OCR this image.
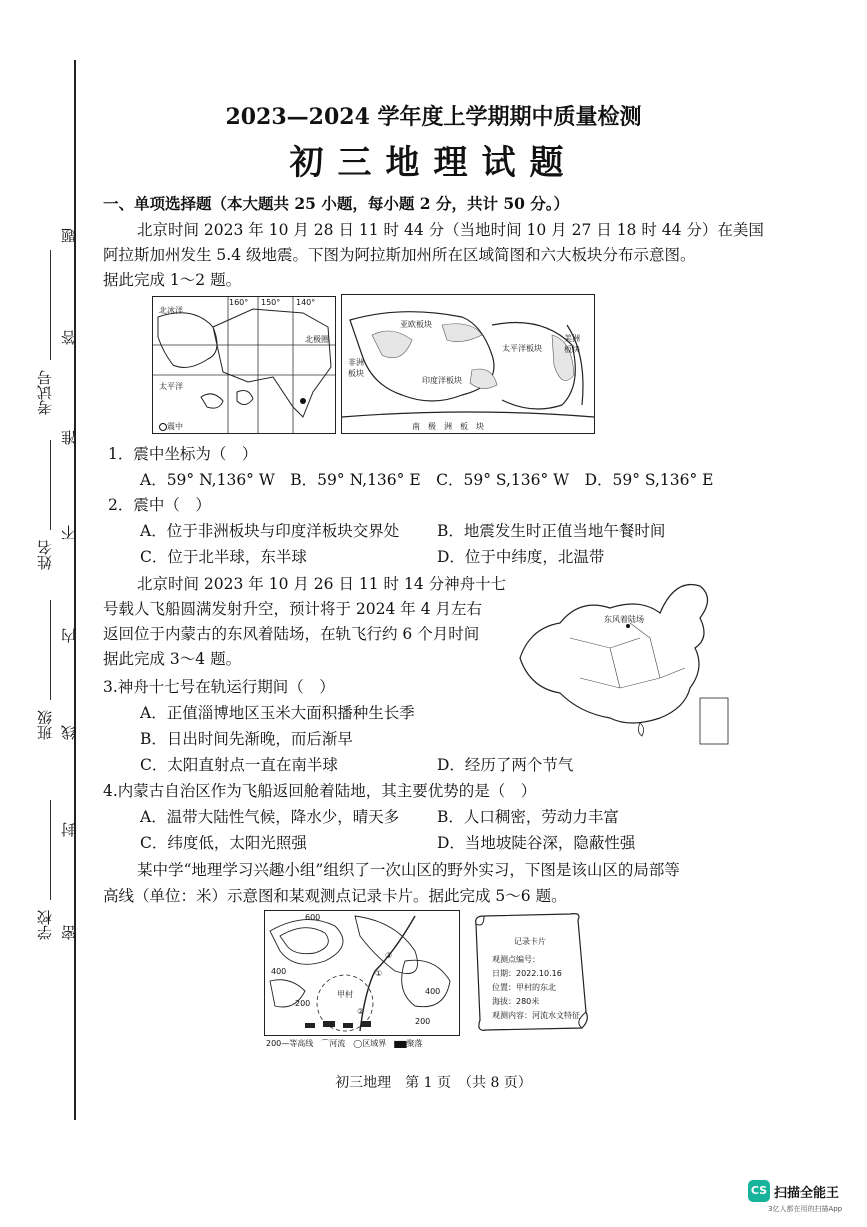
考试号
姓名
班级
学校
题
答
准
不
内
线
封
密
2023—2024 学年度上学期期中质量检测
初三地理试题
一、单项选择题（本大题共 25 小题，每小题 2 分，共计 50 分。）
北京时间 2023 年 10 月 28 日 11 时 44 分（当地时间 10 月 27 日 18 时 44 分）在美国
阿拉斯加州发生 5.4 级地震。下图为阿拉斯加州所在区域简图和六大板块分布示意图。
据此完成 1～2 题。
北冰洋
160° 150° 140°
北极圈
太平洋
震中
亚欧板块
太平洋板块
非洲板块
印度洋板块
美洲板块
南　极　洲　板　块
1．震中坐标为（　）
A．59° N,136° W　B．59° N,136° E　C．59° S,136° W　D．59° S,136° E
2．震中（　）
A．位于非洲板块与印度洋板块交界处 B．地震发生时正值当地午餐时间
C．位于北半球，东半球	D．位于中纬度，北温带
北京时间 2023 年 10 月 26 日 11 时 14 分神舟十七
号载人飞船圆满发射升空，预计将于 2024 年 4 月左右
返回位于内蒙古的东风着陆场，在轨飞行约 6 个月时间
据此完成 3～4 题。
东风着陆场
3.神舟十七号在轨运行期间（　）
A．正值淄博地区玉米大面积播种生长季
B．日出时间先渐晚，而后渐早
C．太阳直射点一直在南半球	D．经历了两个节气
4.内蒙古自治区作为飞船返回舱着陆地，其主要优势的是（　）
A．温带大陆性气候，降水少，晴天多 B．人口稠密，劳动力丰富
C．纬度低，太阳光照强	D．当地坡陡谷深，隐蔽性强
某中学“地理学习兴趣小组”组织了一次山区的野外实习，下图是该山区的局部等
高线（单位：米）示意图和某观测点记录卡片。据此完成 5～6 题。
600
400
400
200
200
甲村
①
②
③
200—等高线　⌒河流　◯区域界　▆▆聚落
记录卡片
观测点编号：
日期：2022.10.16
位置：甲村的东北
海拔：280米
观测内容：河流水文特征
初三地理　第 1 页　（共 8 页）
CS 扫描全能王
3亿人都在用的扫描App
